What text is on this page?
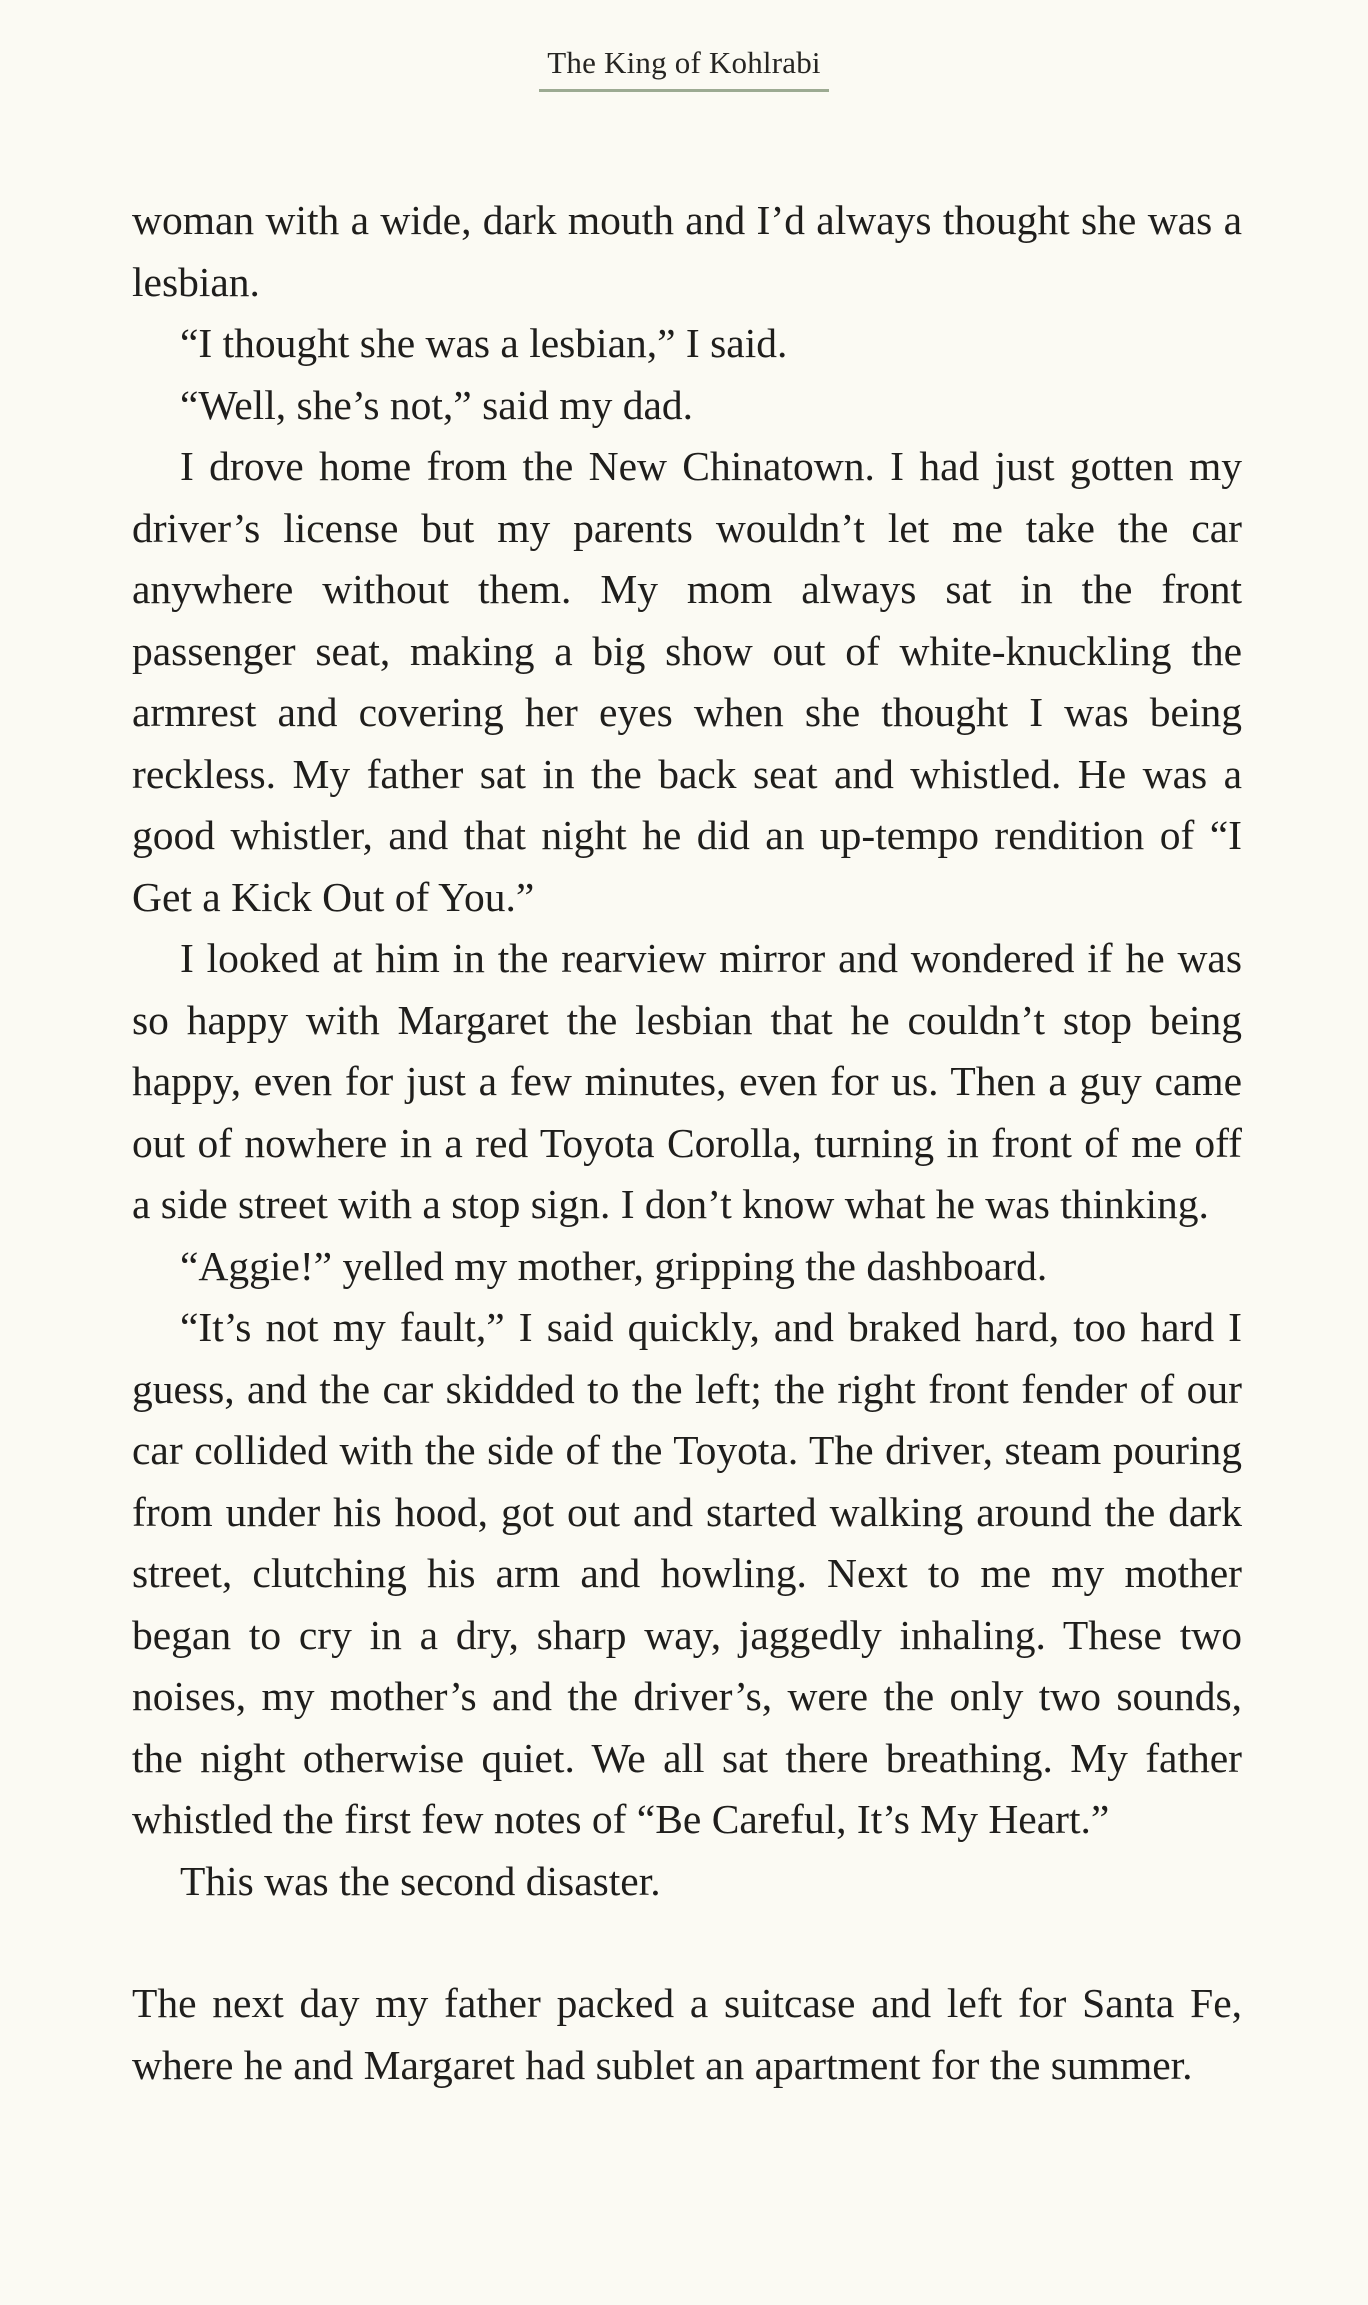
The King of Kohlrabi

woman with a wide, dark mouth and I’d always thought she was a lesbian.

“I thought she was a lesbian,” I said.

“Well, she’s not,” said my dad.

I drove home from the New Chinatown. I had just gotten my driver’s license but my parents wouldn’t let me take the car anywhere without them. My mom always sat in the front passenger seat, making a big show out of white-knuckling the armrest and covering her eyes when she thought I was being reckless. My father sat in the back seat and whistled. He was a good whistler, and that night he did an up-tempo rendition of “I Get a Kick Out of You.”

I looked at him in the rearview mirror and wondered if he was so happy with Margaret the lesbian that he couldn’t stop being happy, even for just a few minutes, even for us. Then a guy came out of nowhere in a red Toyota Corolla, turning in front of me off a side street with a stop sign. I don’t know what he was thinking.

“Aggie!” yelled my mother, gripping the dashboard.

“It’s not my fault,” I said quickly, and braked hard, too hard I guess, and the car skidded to the left; the right front fender of our car collided with the side of the Toyota. The driver, steam pouring from under his hood, got out and started walking around the dark street, clutching his arm and howling. Next to me my mother began to cry in a dry, sharp way, jaggedly inhaling. These two noises, my mother’s and the driver’s, were the only two sounds, the night otherwise quiet. We all sat there breathing. My father whistled the first few notes of “Be Careful, It’s My Heart.”

This was the second disaster.

The next day my father packed a suitcase and left for Santa Fe, where he and Margaret had sublet an apartment for the summer.
